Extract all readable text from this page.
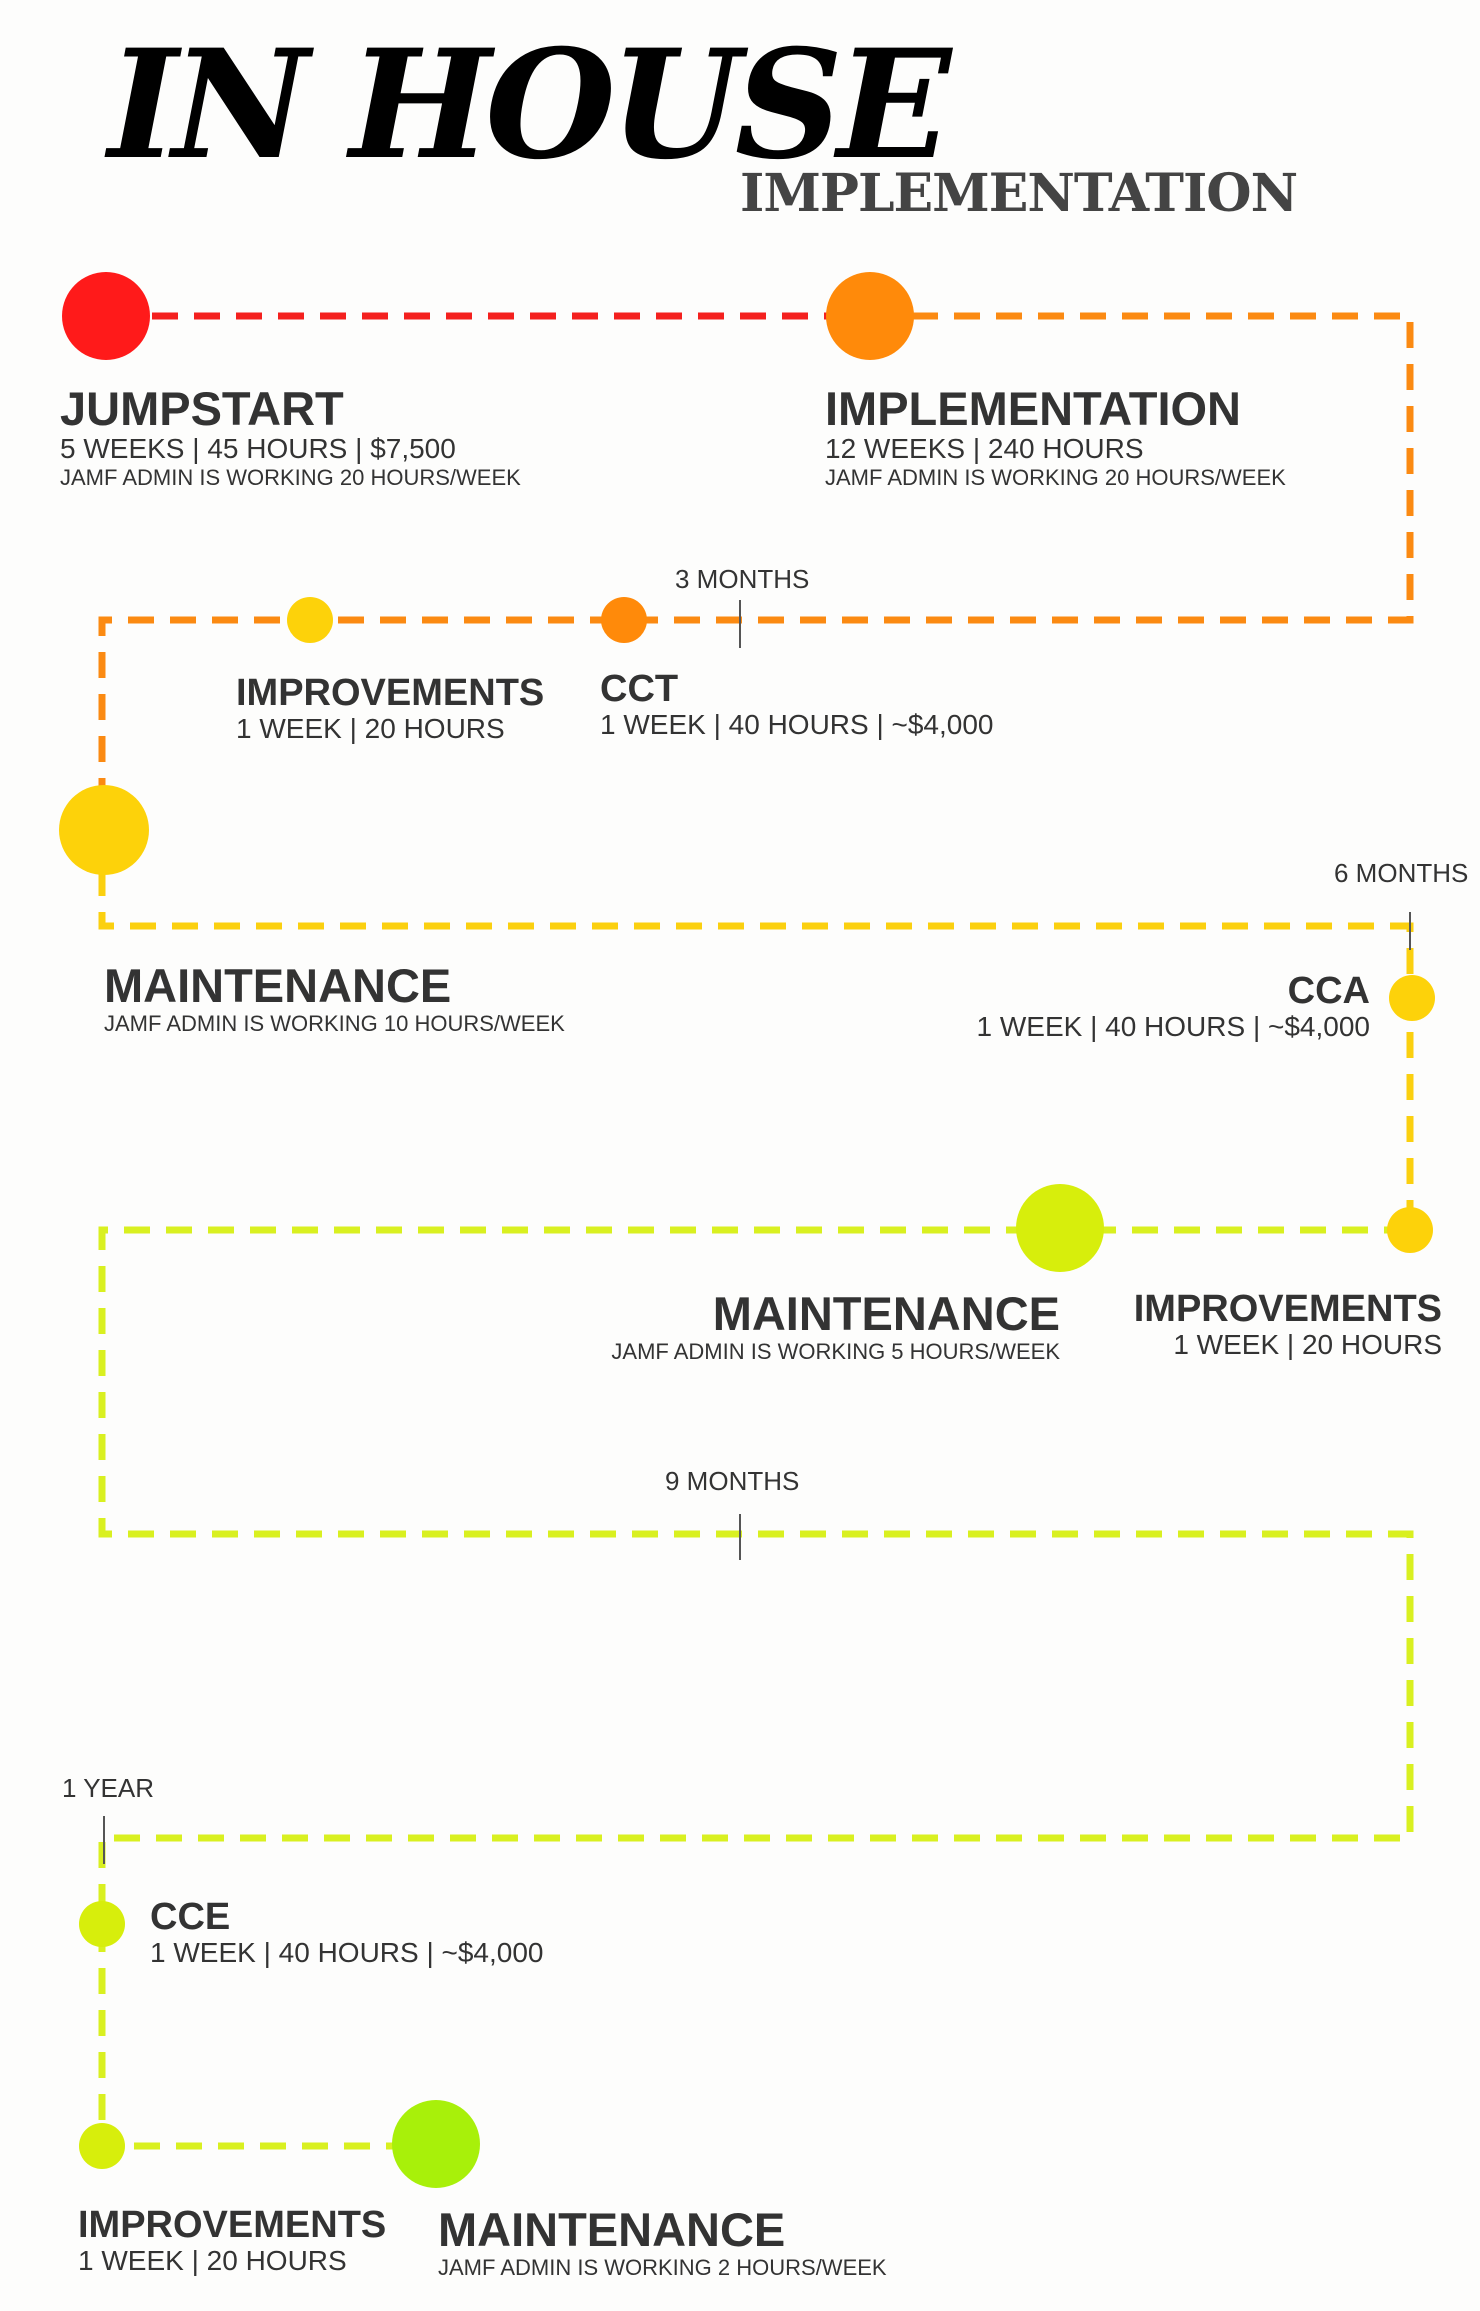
IN HOUSE
IMPLEMENTATION
JUMPSTART
5 WEEKS | 45 HOURS | $7,500
JAMF ADMIN IS WORKING 20 HOURS/WEEK
IMPLEMENTATION
12 WEEKS | 240 HOURS
JAMF ADMIN IS WORKING 20 HOURS/WEEK
IMPROVEMENTS
1 WEEK | 20 HOURS
CCT
1 WEEK | 40 HOURS | ~$4,000
MAINTENANCE
JAMF ADMIN IS WORKING 10 HOURS/WEEK
CCA
1 WEEK | 40 HOURS | ~$4,000
MAINTENANCE
JAMF ADMIN IS WORKING 5 HOURS/WEEK
IMPROVEMENTS
1 WEEK | 20 HOURS
CCE
1 WEEK | 40 HOURS | ~$4,000
IMPROVEMENTS
1 WEEK | 20 HOURS
MAINTENANCE
JAMF ADMIN IS WORKING 2 HOURS/WEEK
3 MONTHS
6 MONTHS
9 MONTHS
1 YEAR
